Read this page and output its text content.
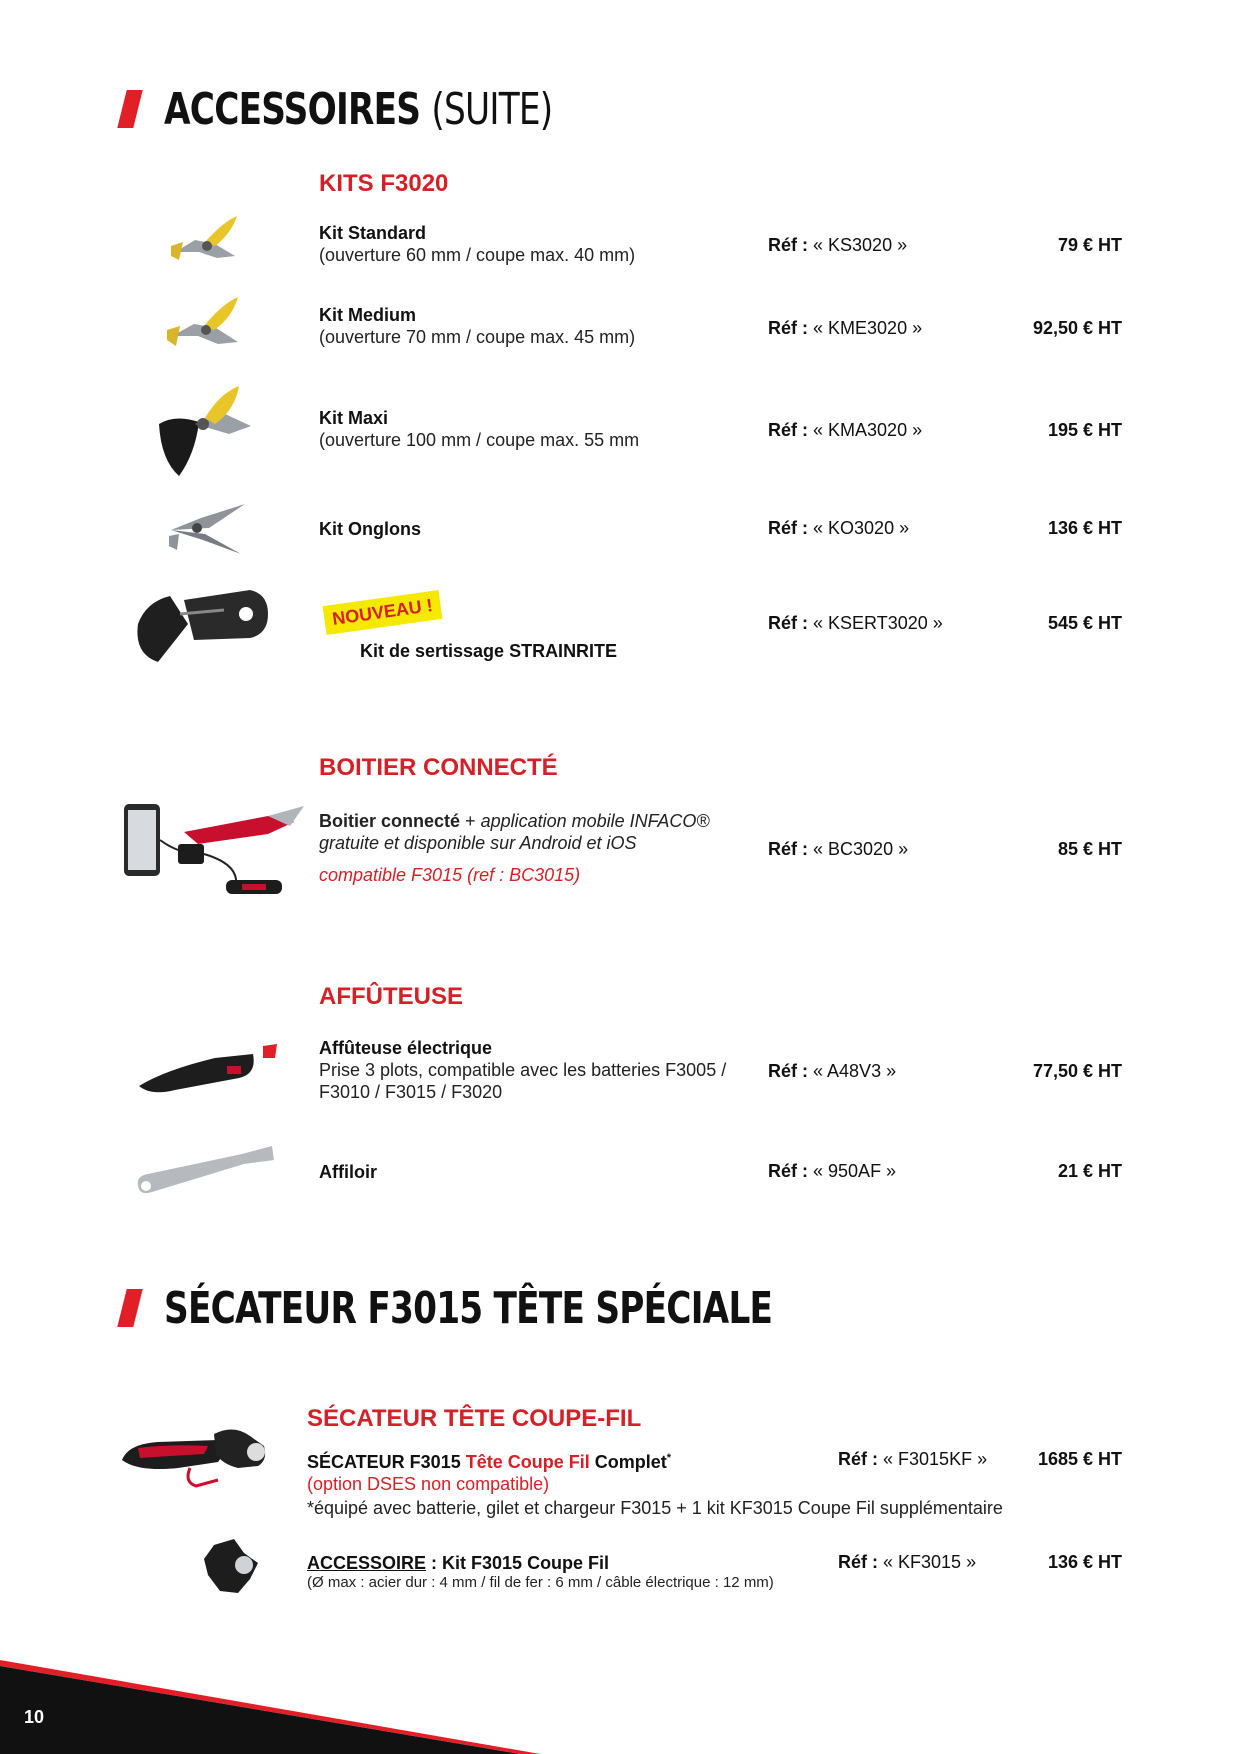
ACCESSOIRES (SUITE)
KITS F3020
Kit Standard
(ouverture 60 mm / coupe max. 40 mm)	Réf : « KS3020 »	79 € HT
Kit Medium
(ouverture 70 mm / coupe max. 45 mm)	Réf : « KME3020 »	92,50 € HT
Kit Maxi
(ouverture 100 mm / coupe max. 55 mm	Réf : « KMA3020 »	195 € HT
Kit Onglons	Réf : « KO3020 »	136 € HT
NOUVEAU !
Kit de sertissage STRAINRITE
Réf : « KSERT3020 »	545 € HT
BOITIER CONNECTÉ
Boitier connecté + application mobile INFACO®
gratuite et disponible sur Android et iOS
compatible F3015 (ref : BC3015)
Réf : « BC3020 »	85 € HT
AFFÛTEUSE
Affûteuse électrique
Prise 3 plots, compatible avec les batteries F3005 /
F3010 / F3015 / F3020
Réf : « A48V3 »	77,50 € HT
Affiloir	Réf : « 950AF »	21 € HT
SÉCATEUR F3015 TÊTE SPÉCIALE
SÉCATEUR TÊTE COUPE-FIL
SÉCATEUR F3015 Tête Coupe Fil Complet*
(option DSES non compatible)
*équipé avec batterie, gilet et chargeur F3015 + 1 kit KF3015 Coupe Fil supplémentaire
Réf : « F3015KF »	1685 € HT
ACCESSOIRE : Kit F3015 Coupe Fil
(Ø max : acier dur : 4 mm / fil de fer : 6 mm / câble électrique : 12 mm)
Réf : « KF3015 »	136 € HT
10
